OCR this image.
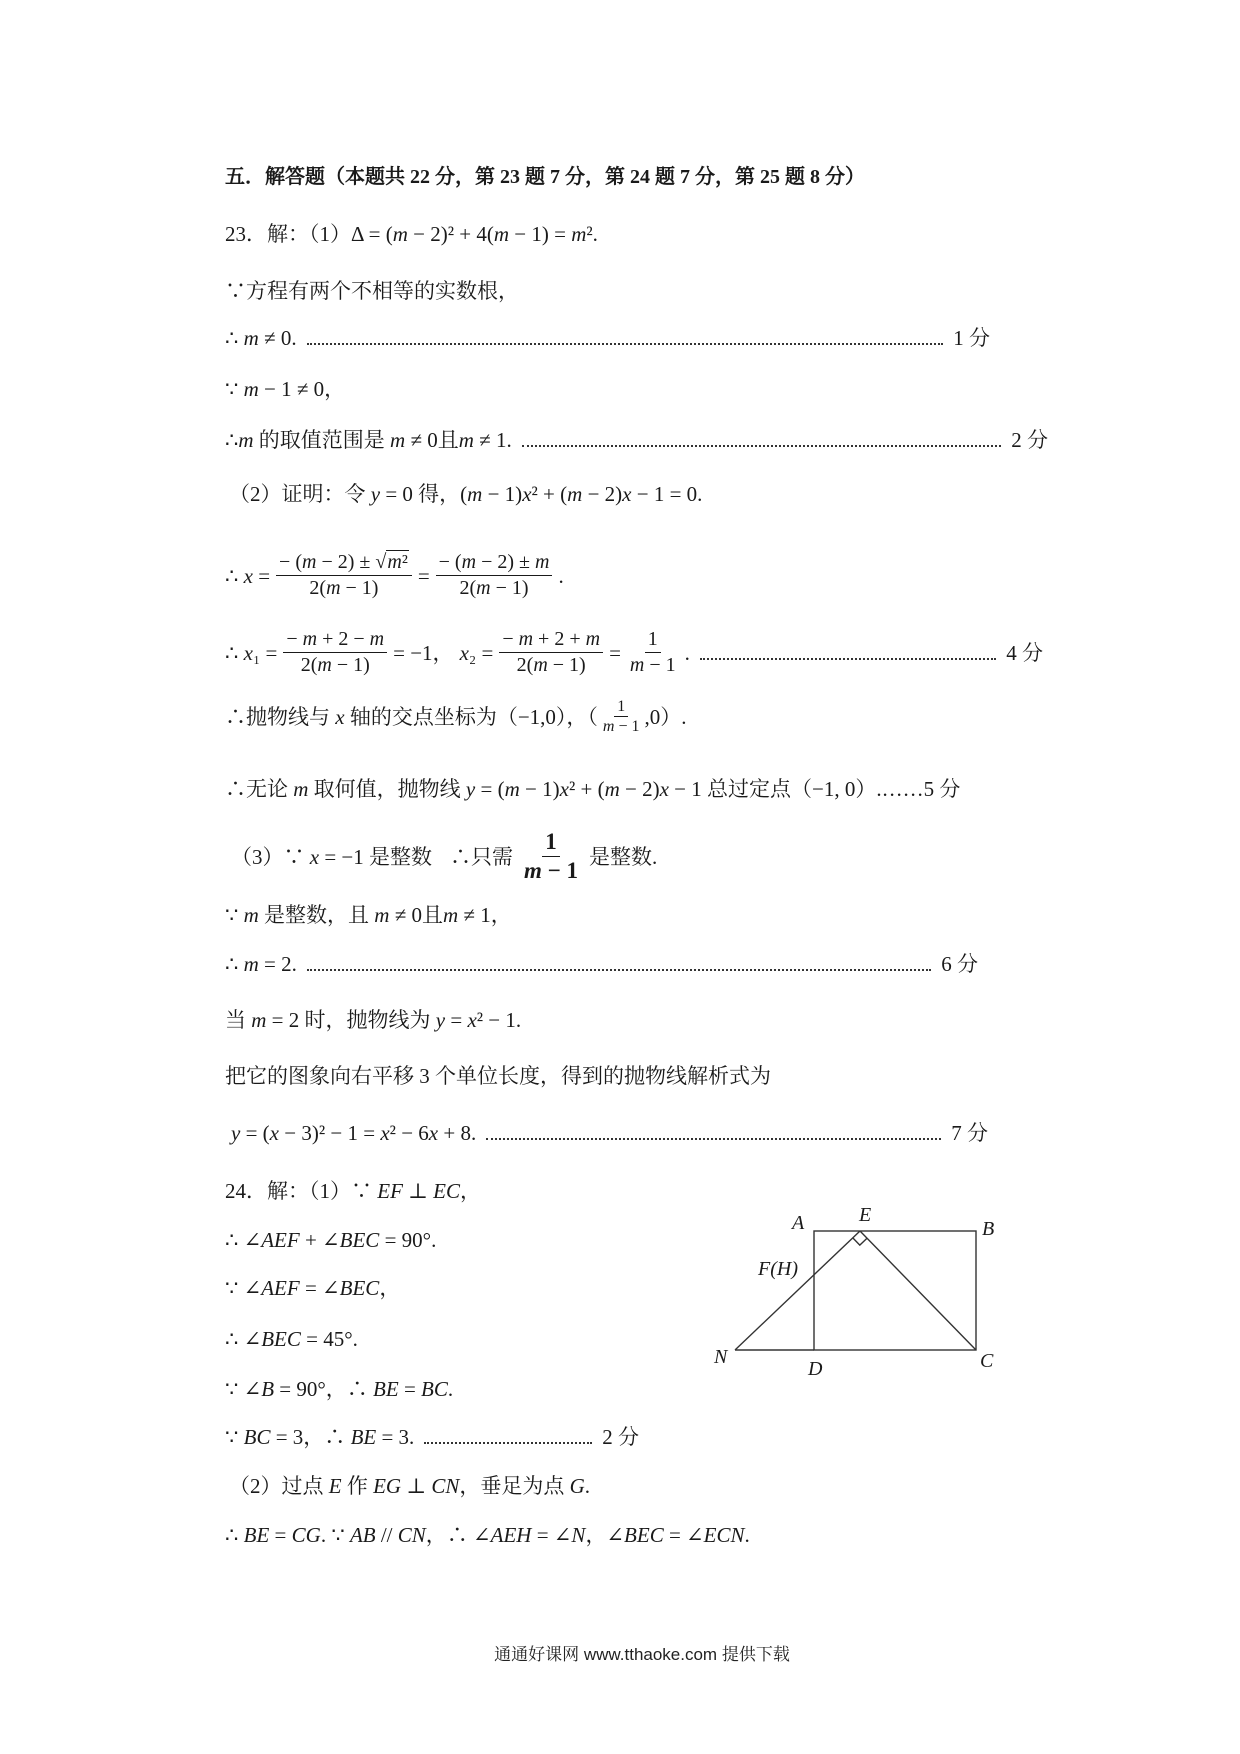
五．解答题（本题共 22 分，第 23 题 7 分，第 24 题 7 分，第 25 题 8 分）
23．解：（1）Δ = (m − 2)² + 4(m − 1) = m².
∵方程有两个不相等的实数根，
∴ m ≠ 0.	1 分
∵ m − 1 ≠ 0，
∴m 的取值范围是 m ≠ 0且m ≠ 1.	2 分
（2）证明：令 y = 0 得，(m − 1)x² + (m − 2)x − 1 = 0.
∴ $x = \frac{\text{− (m − 2) ± √m²}}{2(m - 1)} = \frac{- (m - 2) \pm m}{2(m - 1)}$ .
∴ $x_1 = \frac{- m + 2 - m}{2(m - 1)} = -1$， $x_2 = \frac{- m + 2 + m}{2(m - 1)} = \frac{1}{m - 1}$ .	4 分
∴抛物线与 x 轴的交点坐标为（−1,0），（ $\frac{1}{m - 1} ,0$）.
∴无论 m 取何值，抛物线 y = (m − 1)x² + (m − 2)x − 1 总过定点（−1, 0）.……5 分
（3）∵ x = −1 是整数 ∴只需 $\frac{1}{m - 1}$ 是整数.
∵ m 是整数，且 m ≠ 0且m ≠ 1，
∴ m = 2.	6 分
当 m = 2 时，抛物线为 y = x² − 1.
把它的图象向右平移 3 个单位长度，得到的抛物线解析式为
y = (x − 3)² − 1 = x² − 6x + 8.	7 分
24．解：（1）∵ EF ⊥ EC，
∴ ∠AEF + ∠BEC = 90°.
∵ ∠AEF = ∠BEC，
∴ ∠BEC = 45°.
∵ ∠B = 90°，∴ BE = BC.
∵ BC = 3，∴ BE = 3.	2 分
（2）过点 E 作 EG ⊥ CN，垂足为点 G.
∴ BE = CG. ∵ AB // CN，∴ ∠AEH = ∠N，∠BEC = ∠ECN.
A	E
B
F(H)
N
D	C
通通好课网 www.tthaoke.com 提供下载
